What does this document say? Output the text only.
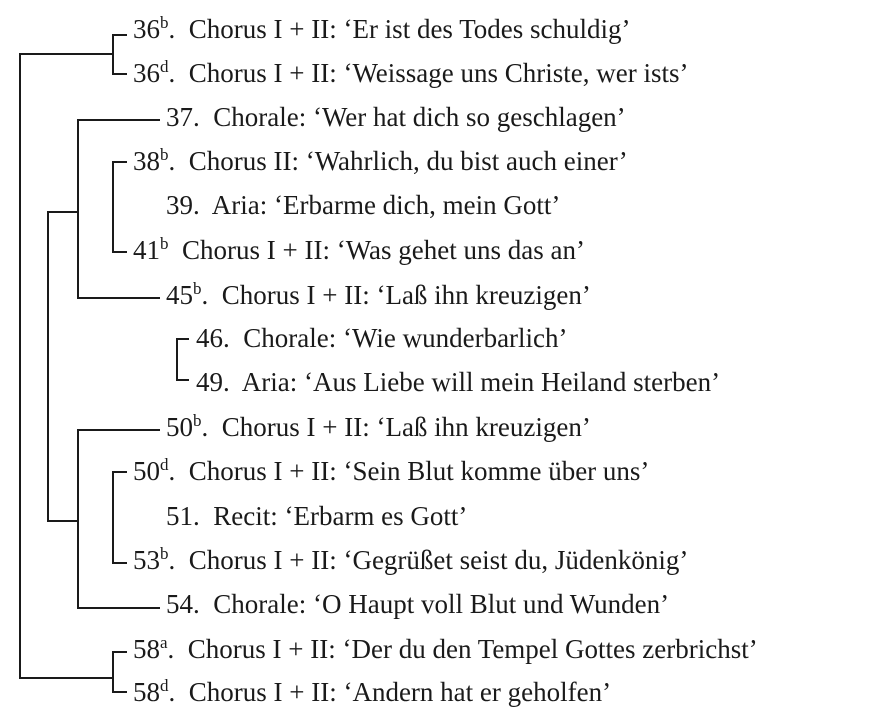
36$^b$. Chorus I + II: ‘Er ist des Todes schuldig’
36$^d$. Chorus I + II: ‘Weissage uns Christe, wer ists’
37. Chorale: ‘Wer hat dich so geschlagen’
38$^b$. Chorus II: ‘Wahrlich, du bist auch einer’
39. Aria: ‘Erbarme dich, mein Gott’
41$^b$ Chorus I + II: ‘Was gehet uns das an’
45$^b$. Chorus I + II: ‘Laß ihn kreuzigen’
46. Chorale: ‘Wie wunderbarlich’
49. Aria: ‘Aus Liebe will mein Heiland sterben’
50$^b$. Chorus I + II: ‘Laß ihn kreuzigen’
50$^d$. Chorus I + II: ‘Sein Blut komme über uns’
51. Recit: ‘Erbarm es Gott’
53$^b$. Chorus I + II: ‘Gegrüßet seist du, Jüdenkönig’
54. Chorale: ‘O Haupt voll Blut und Wunden’
58$^a$. Chorus I + II: ‘Der du den Tempel Gottes zerbrichst’
58$^d$. Chorus I + II: ‘Andern hat er geholfen’
